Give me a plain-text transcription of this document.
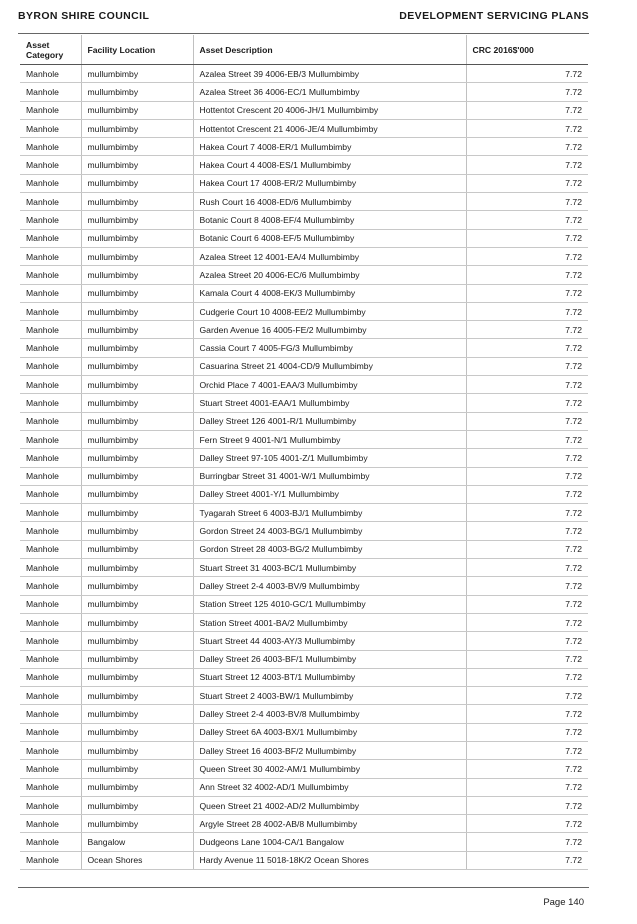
BYRON SHIRE COUNCIL	DEVELOPMENT SERVICING PLANS
Asset Category	Facility Location	Asset Description	CRC 2016$'000
Manhole	mullumbimby	Azalea Street 39 4006-EB/3 Mullumbimby	7.72
Manhole	mullumbimby	Azalea Street 36 4006-EC/1 Mullumbimby	7.72
Manhole	mullumbimby	Hottentot Crescent 20 4006-JH/1 Mullumbimby	7.72
Manhole	mullumbimby	Hottentot Crescent 21 4006-JE/4 Mullumbimby	7.72
Manhole	mullumbimby	Hakea Court 7 4008-ER/1 Mullumbimby	7.72
Manhole	mullumbimby	Hakea Court 4 4008-ES/1 Mullumbimby	7.72
Manhole	mullumbimby	Hakea Court 17 4008-ER/2 Mullumbimby	7.72
Manhole	mullumbimby	Rush Court 16 4008-ED/6 Mullumbimby	7.72
Manhole	mullumbimby	Botanic Court 8 4008-EF/4 Mullumbimby	7.72
Manhole	mullumbimby	Botanic Court 6 4008-EF/5 Mullumbimby	7.72
Manhole	mullumbimby	Azalea Street 12 4001-EA/4 Mullumbimby	7.72
Manhole	mullumbimby	Azalea Street 20 4006-EC/6 Mullumbimby	7.72
Manhole	mullumbimby	Kamala Court 4 4008-EK/3 Mullumbimby	7.72
Manhole	mullumbimby	Cudgerie Court 10 4008-EE/2 Mullumbimby	7.72
Manhole	mullumbimby	Garden Avenue 16 4005-FE/2 Mullumbimby	7.72
Manhole	mullumbimby	Cassia Court 7 4005-FG/3 Mullumbimby	7.72
Manhole	mullumbimby	Casuarina Street 21 4004-CD/9 Mullumbimby	7.72
Manhole	mullumbimby	Orchid Place 7 4001-EAA/3 Mullumbimby	7.72
Manhole	mullumbimby	Stuart Street 4001-EAA/1 Mullumbimby	7.72
Manhole	mullumbimby	Dalley Street 126 4001-R/1 Mullumbimby	7.72
Manhole	mullumbimby	Fern Street 9 4001-N/1 Mullumbimby	7.72
Manhole	mullumbimby	Dalley Street 97-105 4001-Z/1 Mullumbimby	7.72
Manhole	mullumbimby	Burringbar Street 31 4001-W/1 Mullumbimby	7.72
Manhole	mullumbimby	Dalley Street 4001-Y/1 Mullumbimby	7.72
Manhole	mullumbimby	Tyagarah Street 6 4003-BJ/1 Mullumbimby	7.72
Manhole	mullumbimby	Gordon Street 24 4003-BG/1 Mullumbimby	7.72
Manhole	mullumbimby	Gordon Street 28 4003-BG/2 Mullumbimby	7.72
Manhole	mullumbimby	Stuart Street 31 4003-BC/1 Mullumbimby	7.72
Manhole	mullumbimby	Dalley Street 2-4 4003-BV/9 Mullumbimby	7.72
Manhole	mullumbimby	Station Street 125 4010-GC/1 Mullumbimby	7.72
Manhole	mullumbimby	Station Street 4001-BA/2 Mullumbimby	7.72
Manhole	mullumbimby	Stuart Street 44 4003-AY/3 Mullumbimby	7.72
Manhole	mullumbimby	Dalley Street 26 4003-BF/1 Mullumbimby	7.72
Manhole	mullumbimby	Stuart Street 12 4003-BT/1 Mullumbimby	7.72
Manhole	mullumbimby	Stuart Street 2 4003-BW/1 Mullumbimby	7.72
Manhole	mullumbimby	Dalley Street 2-4 4003-BV/8 Mullumbimby	7.72
Manhole	mullumbimby	Dalley Street 6A 4003-BX/1 Mullumbimby	7.72
Manhole	mullumbimby	Dalley Street 16 4003-BF/2 Mullumbimby	7.72
Manhole	mullumbimby	Queen Street 30 4002-AM/1 Mullumbimby	7.72
Manhole	mullumbimby	Ann Street 32 4002-AD/1 Mullumbimby	7.72
Manhole	mullumbimby	Queen Street 21 4002-AD/2 Mullumbimby	7.72
Manhole	mullumbimby	Argyle Street 28 4002-AB/8 Mullumbimby	7.72
Manhole	Bangalow	Dudgeons Lane 1004-CA/1 Bangalow	7.72
Manhole	Ocean Shores	Hardy Avenue 11 5018-18K/2 Ocean Shores	7.72
Page 140
